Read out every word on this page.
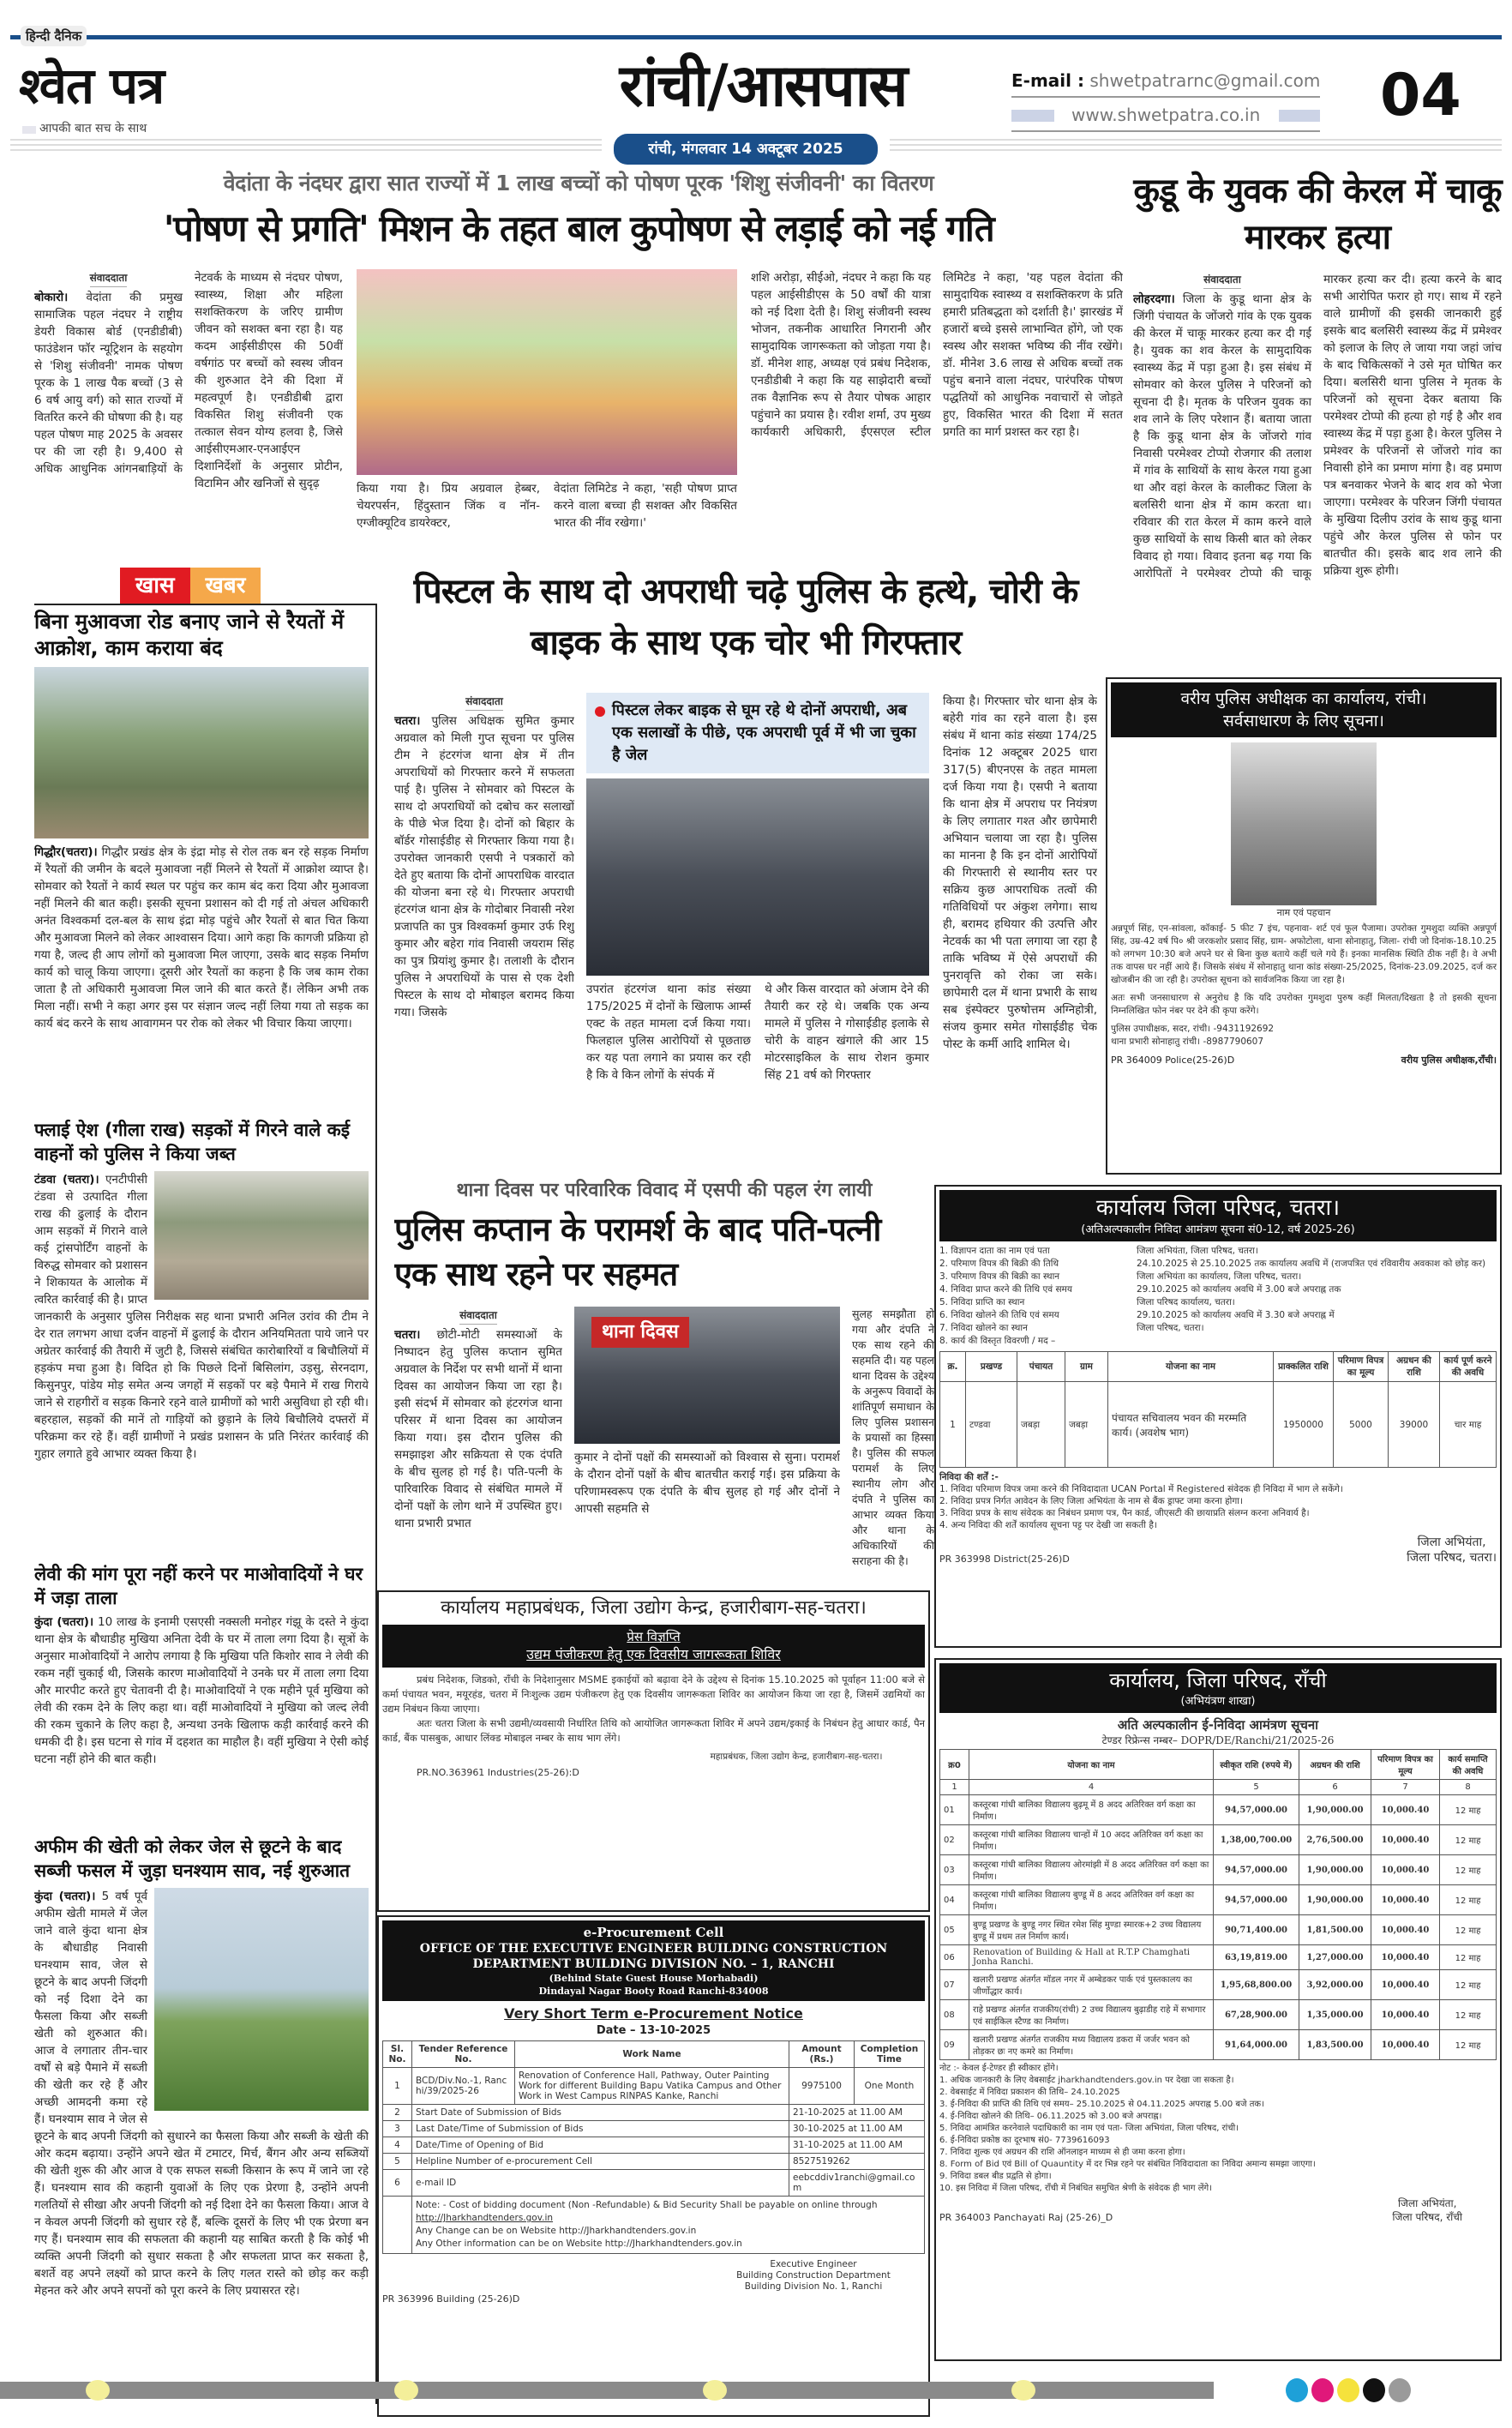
हिन्दी दैनिक
श्वेत पत्र
आपकी बात सच के साथ
रांची/आसपास
रांची, मंगलवार 14 अक्टूबर 2025
E-mail : shwetpatrarnc@gmail.com
www.shwetpatra.co.in 04
वेदांता के नंदघर द्वारा सात राज्यों में 1 लाख बच्चों को पोषण पूरक 'शिशु संजीवनी' का वितरण
'पोषण से प्रगति' मिशन के तहत बाल कुपोषण से लड़ाई को नई गति
संवाददाता
बोकारो। वेदांता की प्रमुख सामाजिक पहल नंदघर ने राष्ट्रीय डेयरी विकास बोर्ड (एनडीडीबी) फाउंडेशन फॉर न्यूट्रिशन के सहयोग से 'शिशु संजीवनी' नामक पोषण पूरक के 1 लाख पैक बच्चों (3 से 6 वर्ष आयु वर्ग) को सात राज्यों में वितरित करने की घोषणा की है। यह पहल पोषण माह 2025 के अवसर पर की जा रही है। 9,400 से अधिक आधुनिक आंगनबाड़ियों के नेटवर्क के माध्यम से नंदघर पोषण, स्वास्थ्य, शिक्षा और महिला सशक्तिकरण के जरिए ग्रामीण जीवन को सशक्त बना रहा है। यह कदम आईसीडीएस की 50वीं वर्षगांठ पर बच्चों को स्वस्थ जीवन की शुरुआत देने की दिशा में महत्वपूर्ण है। एनडीडीबी द्वारा विकसित शिशु संजीवनी एक तत्काल सेवन योग्य हलवा है, जिसे आईसीएमआर-एनआईएन दिशानिर्देशों के अनुसार प्रोटीन, विटामिन और खनिजों से सुदृढ़	किया गया है। प्रिय अग्रवाल हेब्बर, चेयरपर्सन, हिंदुस्तान जिंक व नॉन-एग्जीक्यूटिव डायरेक्टर,
वेदांता लिमिटेड ने कहा, 'सही पोषण प्राप्त करने वाला बच्चा ही सशक्त और विकसित भारत की नींव रखेगा।'
शशि अरोड़ा, सीईओ, नंदघर ने कहा कि यह पहल आईसीडीएस के 50 वर्षों की यात्रा को नई दिशा देती है। शिशु संजीवनी स्वस्थ भोजन, तकनीक आधारित निगरानी और सामुदायिक जागरूकता को जोड़ता गया है। डॉ. मीनेश शाह, अध्यक्ष एवं प्रबंध निदेशक, एनडीडीबी ने कहा कि यह साझेदारी बच्चों तक वैज्ञानिक रूप से तैयार पोषक आहार पहुंचाने का प्रयास है। रवीश शर्मा, उप मुख्य कार्यकारी अधिकारी, ईएसएल स्टील लिमिटेड ने कहा, 'यह पहल वेदांता की सामुदायिक स्वास्थ्य व सशक्तिकरण के प्रति हमारी प्रतिबद्धता को दर्शाती है।' झारखंड में हजारों बच्चे इससे लाभान्वित होंगे, जो एक स्वस्थ और सशक्त भविष्य की नींव रखेंगे। डॉ. मीनेश 3.6 लाख से अधिक बच्चों तक पहुंच बनाने वाला नंदघर, पारंपरिक पोषण पद्धतियों को आधुनिक नवाचारों से जोड़ते हुए, विकसित भारत की दिशा में सतत प्रगति का मार्ग प्रशस्त कर रहा है।
कुडू के युवक की केरल में चाकू मारकर हत्या
संवाददाता
लोहरदगा। जिला के कुडू थाना क्षेत्र के जिंगी पंचायत के जोंजरो गांव के एक युवक की केरल में चाकू मारकर हत्या कर दी गई है। युवक का शव केरल के सामुदायिक स्वास्थ्य केंद्र में पड़ा हुआ है। इस संबंध में सोमवार को केरल पुलिस ने परिजनों को सूचना दी है। मृतक के परिजन युवक का शव लाने के लिए परेशान हैं। बताया जाता है कि कुडू थाना क्षेत्र के जोंजरो गांव निवासी परमेश्वर टोप्पो रोजगार की तलाश में गांव के साथियों के साथ केरल गया हुआ था और वहां केरल के कालीकट जिला के बलसिरी थाना क्षेत्र में काम करता था। रविवार की रात केरल में काम करने वाले कुछ साथियों के साथ किसी बात को लेकर विवाद हो गया। विवाद इतना बढ़ गया कि आरोपितों ने परमेश्वर टोप्पो की चाकू मारकर हत्या कर दी। हत्या करने के बाद सभी आरोपित फरार हो गए। साथ में रहने वाले ग्रामीणों की इसकी जानकारी हुई इसके बाद बलसिरी स्वास्थ्य केंद्र में प्रमेश्वर को इलाज के लिए ले जाया गया जहां जांच के बाद चिकित्सकों ने उसे मृत घोषित कर दिया। बलसिरी थाना पुलिस ने मृतक के परिजनों को सूचना देकर बताया कि परमेश्वर टोप्पो की हत्या हो गई है और शव स्वास्थ्य केंद्र में पड़ा हुआ है। केरल पुलिस ने प्रमेश्वर के परिजनों से जोंजरो गांव का निवासी होने का प्रमाण मांगा है। वह प्रमाण पत्र बनवाकर भेजने के बाद शव को भेजा जाएगा। परमेश्वर के परिजन जिंगी पंचायत के मुखिया दिलीप उरांव के साथ कुडू थाना पहुंचे और केरल पुलिस से फोन पर बातचीत की। इसके बाद शव लाने की प्रक्रिया शुरू होगी।
खास	खबर
बिना मुआवजा रोड बनाए जाने से रैयतों में आक्रोश, काम कराया बंद
गिद्धौर(चतरा)। गिद्धौर प्रखंड क्षेत्र के इंद्रा मोड़ से रोल तक बन रहे सड़क निर्माण में रैयतों की जमीन के बदले मुआवजा नहीं मिलने से रैयतों में आक्रोश व्याप्त है। सोमवार को रैयतों ने कार्य स्थल पर पहुंच कर काम बंद करा दिया और मुआवजा नहीं मिलने की बात कही। इसकी सूचना प्रशासन को दी गई तो अंचल अधिकारी अनंत विश्वकर्मा दल-बल के साथ इंद्रा मोड़ पहुंचे और रैयतों से बात चित किया और मुआवजा मिलने को लेकर आश्वासन दिया। आगे कहा कि कागजी प्रक्रिया हो गया है, जल्द ही आप लोगों को मुआवजा मिल जाएगा, उसके बाद सड़क निर्माण कार्य को चालू किया जाएगा। दूसरी ओर रैयतों का कहना है कि जब काम रोका जाता है तो अधिकारी मुआवजा मिल जाने की बात करते हैं। लेकिन अभी तक मिला नहीं। सभी ने कहा अगर इस पर संज्ञान जल्द नहीं लिया गया तो सड़क का कार्य बंद करने के साथ आवागमन पर रोक को लेकर भी विचार किया जाएगा।
फ्लाई ऐश (गीला राख) सड़कों में गिरने वाले कई वाहनों को पुलिस ने किया जब्त
टंडवा (चतरा)। एनटीपीसी टंडवा से उत्पादित गीला राख की ढुलाई के दौरान आम सड़कों में गिराने वाले कई ट्रांसपोर्टिंग वाहनों के विरुद्ध सोमवार को प्रशासन ने शिकायत के आलोक में त्वरित कार्रवाई की है। प्राप्त जानकारी के अनुसार पुलिस निरीक्षक सह थाना प्रभारी अनिल उरांव की टीम ने देर रात लगभग आधा दर्जन वाहनों में ढुलाई के दौरान अनियमितता पाये जाने पर अग्रेतर कार्रवाई की तैयारी में जुटी है, जिससे संबंधित कारोबारियों व बिचौलियों में हड़कंप मचा हुआ है। विदित हो कि पिछले दिनों बिसिलांग, उड़सु, सेरनदाग, किसुनपुर, पांडेय मोड़ समेत अन्य जगहों में सड़कों पर बड़े पैमाने में राख गिराये जाने से राहगीरों व सड़क किनारे रहने वाले ग्रामीणों को भारी असुविधा हो रही थी। बहरहाल, सड़कों की मानें तो गाड़ियों को छुड़ाने के लिये बिचौलिये दफ्तरों में परिक्रमा कर रहे हैं। वहीं ग्रामीणों ने प्रखंड प्रशासन के प्रति निरंतर कार्रवाई की गुहार लगाते हुवे आभार व्यक्त किया है।
लेवी की मांग पूरा नहीं करने पर माओवादियों ने घर में जड़ा ताला
कुंदा (चतरा)। 10 लाख के इनामी एसएसी नक्सली मनोहर गंझू के दस्ते ने कुंदा थाना क्षेत्र के बौधाडीह मुखिया अनिता देवी के घर में ताला लगा दिया है। सूत्रों के अनुसार माओवादियों ने आरोप लगाया है कि मुखिया पति किशोर साव ने लेवी की रकम नहीं चुकाई थी, जिसके कारण माओवादियों ने उनके घर में ताला लगा दिया और मारपीट करते हुए चेतावनी दी है। माओवादियों ने एक महीने पूर्व मुखिया को लेवी की रकम देने के लिए कहा था। वहीं माओवादियों ने मुखिया को जल्द लेवी की रकम चुकाने के लिए कहा है, अन्यथा उनके खिलाफ कड़ी कार्रवाई करने की धमकी दी है। इस घटना से गांव में दहशत का माहौल है। वहीं मुखिया ने ऐसी कोई घटना नहीं होने की बात कही।
अफीम की खेती को लेकर जेल से छूटने के बाद सब्जी फसल में जुड़ा घनश्याम साव, नई शुरुआत
कुंदा (चतरा)। 5 वर्ष पूर्व अफीम खेती मामले में जेल जाने वाले कुंदा थाना क्षेत्र के बौधाडीह निवासी घनश्याम साव, जेल से छूटने के बाद अपनी जिंदगी को नई दिशा देने का फैसला किया और सब्जी खेती को शुरुआत की। आज वे लगातार तीन-चार वर्षों से बड़े पैमाने में सब्जी की खेती कर रहे हैं और अच्छी आमदनी कमा रहे हैं। घनश्याम साव ने जेल से छूटने के बाद अपनी जिंदगी को सुधारने का फैसला किया और सब्जी के खेती की ओर कदम बढ़ाया। उन्होंने अपने खेत में टमाटर, मिर्च, बैंगन और अन्य सब्जियों की खेती शुरू की और आज वे एक सफल सब्जी किसान के रूप में जाने जा रहे हैं। घनश्याम साव की कहानी युवाओं के लिए एक प्रेरणा है, उन्होंने अपनी गलतियों से सीखा और अपनी जिंदगी को नई दिशा देने का फैसला किया। आज वे न केवल अपनी जिंदगी को सुधार रहे हैं, बल्कि दूसरों के लिए भी एक प्रेरणा बन गए हैं। घनश्याम साव की सफलता की कहानी यह साबित करती है कि कोई भी व्यक्ति अपनी जिंदगी को सुधार सकता है और सफलता प्राप्त कर सकता है, बशर्ते वह अपने लक्ष्यों को प्राप्त करने के लिए गलत रास्ते को छोड़ कर कड़ी मेहनत करे और अपने सपनों को पूरा करने के लिए प्रयासरत रहे।
पिस्टल के साथ दो अपराधी चढ़े पुलिस के हत्थे, चोरी के बाइक के साथ एक चोर भी गिरफ्तार
संवाददाता
चतरा। पुलिस अधिक्षक सुमित कुमार अग्रवाल को मिली गुप्त सूचना पर पुलिस टीम ने हंटरगंज थाना क्षेत्र में तीन अपराधियों को गिरफ्तार करने में सफलता पाई है। पुलिस ने सोमवार को पिस्टल के साथ दो अपराधियों को दबोच कर सलाखों के पीछे भेज दिया है। दोनों को बिहार के बॉर्डर गोसाईडीह से गिरफ्तार किया गया है। उपरोक्त जानकारी एसपी ने पत्रकारों को देते हुए बताया कि दोनों आपराधिक वारदात की योजना बना रहे थे। गिरफ्तार अपराधी हंटरगंज थाना क्षेत्र के गोदोबार निवासी नरेश प्रजापति का पुत्र विश्वकर्मा कुमार उर्फ रिशु कुमार और बहेरा गांव निवासी जयराम सिंह का पुत्र प्रियांशु कुमार है। तलाशी के दौरान पुलिस ने अपराधियों के पास से एक देशी पिस्टल के साथ दो मोबाइल बरामद किया गया। जिसके
पिस्टल लेकर बाइक से घूम रहे थे दोनों अपराधी, अब एक सलाखों के पीछे, एक अपराधी पूर्व में भी जा चुका है जेल
उपरांत हंटरगंज थाना कांड संख्या 175/2025 में दोनों के खिलाफ आर्म्स एक्ट के तहत मामला दर्ज किया गया। फिलहाल पुलिस आरोपियों से पूछताछ कर यह पता लगाने का प्रयास कर रही है कि वे किन लोगों के संपर्क में
थे और किस वारदात को अंजाम देने की तैयारी कर रहे थे। जबकि एक अन्य मामले में पुलिस ने गोसाईडीह इलाके से चोरी के वाहन खंगाले की आर 15 मोटरसाइकिल के साथ रोशन कुमार सिंह 21 वर्ष को गिरफ्तार
किया है। गिरफ्तार चोर थाना क्षेत्र के बहेरी गांव का रहने वाला है। इस संबंध में थाना कांड संख्या 174/25 दिनांक 12 अक्टूबर 2025 धारा 317(5) बीएनएस के तहत मामला दर्ज किया गया है। एसपी ने बताया कि थाना क्षेत्र में अपराध पर नियंत्रण के लिए लगातार गश्त और छापेमारी अभियान चलाया जा रहा है। पुलिस का मानना है कि इन दोनों आरोपियों की गिरफ्तारी से स्थानीय स्तर पर सक्रिय कुछ आपराधिक तत्वों की गतिविधियों पर अंकुश लगेगा। साथ ही, बरामद हथियार की उत्पत्ति और नेटवर्क का भी पता लगाया जा रहा है ताकि भविष्य में ऐसे अपराधों की पुनरावृत्ति को रोका जा सके। छापेमारी दल में थाना प्रभारी के साथ सब इंस्पेक्टर पुरुषोत्तम अग्निहोत्री, संजय कुमार समेत गोसाईडीह चेक पोस्ट के कर्मी आदि शामिल थे।
वरीय पुलिस अधीक्षक का कार्यालय, रांची।
सर्वसाधारण के लिए सूचना।
नाम एवं पहचान
अन्नपूर्ण सिंह, एन-सांवला, कॉकाई- 5 फीट 7 इंच, पहनावा- शर्ट एवं फूल पैजामा। उपरोक्त गुमशुदा व्यक्ति अन्नपूर्ण सिंह, उम्र-42 वर्ष पि० श्री जरकशोर प्रसाद सिंह, ग्राम- अफोटोला, थाना सोनाहातु, जिला- रांची जो दिनांक-18.10.25 को लगभग 10:30 बजे अपने घर से बिना कुछ बताये कहीं चले गये हैं। इनका मानसिक स्थिति ठीक नहीं है। वे अभी तक वापस घर नहीं आये हैं। जिसके संबंध में सोनाहातु थाना कांड संख्या-25/2025, दिनांक-23.09.2025, दर्ज कर खोजबीन की जा रही है। उपरोक्त सूचना को सार्वजनिक किया जा रहा है।
अतः सभी जनसाधारण से अनुरोध है कि यदि उपरोक्त गुमशुदा पुरुष कहीं मिलता/दिखता है तो इसकी सूचना निम्नलिखित फोन नंबर पर देने की कृपा करेंगे।
पुलिस उपाधीक्षक, सदर, रांची। -9431192692
थाना प्रभारी सोनाहातु रांची। -8987790607
PR 364009 Police(25-26)D	वरीय पुलिस अधीक्षक,राँची।
थाना दिवस पर परिवारिक विवाद में एसपी की पहल रंग लायी
पुलिस कप्तान के परामर्श के बाद पति-पत्नी एक साथ रहने पर सहमत
संवाददाता
चतरा। छोटी-मोटी समस्याओं के निष्पादन हेतु पुलिस कप्तान सुमित अग्रवाल के निर्देश पर सभी थानों में थाना दिवस का आयोजन किया जा रहा है। इसी संदर्भ में सोमवार को हंटरगंज थाना परिसर में थाना दिवस का आयोजन किया गया। इस दौरान पुलिस की समझाइश और सक्रियता से एक दंपति के बीच सुलह हो गई है। पति-पत्नी के पारिवारिक विवाद से संबंधित मामले में दोनों पक्षों के लोग थाने में उपस्थित हुए। थाना प्रभारी प्रभात
थाना दिवस
कुमार ने दोनों पक्षों की समस्याओं को विश्वास से सुना। परामर्श के दौरान दोनों पक्षों के बीच बातचीत कराई गई। इस प्रक्रिया के परिणामस्वरूप एक दंपति के बीच सुलह हो गई और दोनों ने आपसी सहमति से
सुलह समझौता हो गया और दंपति ने एक साथ रहने की सहमति दी। यह पहल थाना दिवस के उद्देश्य के अनुरूप विवादों के शांतिपूर्ण समाधान के लिए पुलिस प्रशासन के प्रयासों का हिस्सा है। पुलिस की सफल परामर्श के लिए स्थानीय लोग और दंपति ने पुलिस का आभार व्यक्त किया और थाना के अधिकारियों की सराहना की है।
कार्यालय जिला परिषद, चतरा।
(अतिअल्पकालीन निविदा आमंत्रण सूचना सं0-12, वर्ष 2025-26)
1. विज्ञापन दाता का नाम एवं पता	जिला अभियंता, जिला परिषद, चतरा।
2. परिमाण विपत्र की बिक्री की तिथि	24.10.2025 से 25.10.2025 तक कार्यालय अवधि में (राजपत्रित एवं रविवारीय अवकाश को छोड़ कर)
3. परिमाण विपत्र की बिक्री का स्थान	जिला अभियंता का कार्यालय, जिला परिषद, चतरा।
4. निविदा प्राप्त करने की तिथि एवं समय	29.10.2025 को कार्यालय अवधि में 3.00 बजे अपराह्न तक
5. निविदा प्राप्ति का स्थान	जिला परिषद कार्यालय, चतरा।
6. निविदा खोलने की तिथि एवं समय	29.10.2025 को कार्यालय अवधि में 3.30 बजे अपराह्न में
7. निविदा खोलने का स्थान	जिला परिषद, चतरा।
8. कार्य की विस्तृत विवरणी / मद –
क्र.	प्रखण्ड	पंचायत	ग्राम	योजना का नाम	प्राक्कलित राशि	परिमाण विपत्र का मूल्य	अग्रधन की राशि	कार्य पूर्ण करने की अवधि
1	टण्डवा	जबड़ा	जबड़ा	पंचायत सचिवालय भवन की मरम्मति कार्य। (अवशेष भाग)	1950000	5000	39000	चार माह
निविदा की शर्तें :-
1. निविदा परिमाण विपत्र जमा करने की निविदादाता UCAN Portal में Registered संवेदक ही निविदा में भाग ले सकेंगे।
2. निविदा प्रपत्र निर्गत आवेदन के लिए जिला अभियंता के नाम से बैंक ड्राफ्ट जमा करना होगा।
3. निविदा प्रपत्र के साथ संवेदक का निबंधन प्रमाण पत्र, पैन कार्ड, जीएसटी की छायाप्रति संलग्न करना अनिवार्य है।
4. अन्य निविदा की शर्तें कार्यालय सूचना पट्ट पर देखी जा सकती है।
PR 363998 District(25-26)D
जिला अभियंता,
जिला परिषद, चतरा।
कार्यालय महाप्रबंधक, जिला उद्योग केन्द्र, हजारीबाग-सह-चतरा।
प्रेस विज्ञप्ति
उद्यम पंजीकरण हेतु एक दिवसीय जागरूकता शिविर
प्रबंध निदेशक, जिडको, राँची के निदेशानुसार MSME इकाईयों को बढ़ावा देने के उद्देश्य से दिनांक 15.10.2025 को पूर्वाहन 11:00 बजे से कर्मा पंचायत भवन, मयूरहंड, चतरा में निःशुल्क उद्यम पंजीकरण हेतु एक दिवसीय जागरूकता शिविर का आयोजन किया जा रहा है, जिसमें उद्यमियों का उद्यम निबंधन किया जाएगा।
अतः चतरा जिला के सभी उद्यमी/व्यवसायी निर्धारित तिथि को आयोजित जागरूकता शिविर में अपने उद्यम/इकाई के निबंधन हेतु आधार कार्ड, पैन कार्ड, बैंक पासबुक, आधार लिंक्ड मोबाइल नम्बर के साथ भाग लेंगे।
महाप्रबंधक, जिला उद्योग केन्द्र, हजारीबाग-सह-चतरा।
PR.NO.363961 Industries(25-26):D
e-Procurement Cell
OFFICE OF THE EXECUTIVE ENGINEER BUILDING CONSTRUCTION DEPARTMENT BUILDING DIVISION NO. – 1, RANCHI
(Behind State Guest House Morhabadi)
Dindayal Nagar Booty Road Ranchi-834008
Very Short Term e-Procurement Notice
Date – 13-10-2025
Sl. No.	Tender Reference No.	Work Name	Amount (Rs.)	Completion Time
1	BCD/Div.No.-1, Ranchi/39/2025-26	Renovation of Conference Hall, Pathway, Outer Painting Work for different Building Bapu Vatika Campus and Other Work in West Campus RINPAS Kanke, Ranchi	9975100	One Month
2	Start Date of Submission of Bids		21-10-2025 at 11.00 AM	
3	Last Date/Time of Submission of Bids		30-10-2025 at 11.00 AM	
4	Date/Time of Opening of Bid		31-10-2025 at 11.00 AM	
5	Helpline Number of e-procurement Cell		8527519262	
6	e-mail ID		eebcddiv1ranchi@gmail.com	

	Note: - Cost of bidding document (Non -Refundable) & Bid Security Shall be payable on online through
http://Jharkhandtenders.gov.in
Any Change can be on Website http://Jharkhandtenders.gov.in
Any Other information can be on Website http://Jharkhandtenders.gov.in			
Executive Engineer
Building Construction Department
Building Division No. 1, Ranchi
PR 363996 Building (25-26)D
कार्यालय, जिला परिषद, रॉंची
(अभियंत्रण शाखा)
अति अल्पकालीन ई-निविदा आमंत्रण सूचना
टेण्डर रिफ्रेन्स नम्बर– DOPR/DE/Ranchi/21/2025-26
क्र0	योजना का नाम	स्वीकृत राशि (रुपये में)	अग्रधन की राशि	परिमाण विपत्र का मूल्य	कार्य समाप्ति की अवधि
1	4	5	6	7	8
01	कस्तूरबा गांधी बालिका विद्यालय बुढ़मू में 8 अदद अतिरिक्त वर्ग कक्षा का निर्माण।	94,57,000.00	1,90,000.00	10,000.40	12 माह
02	कस्तूरबा गांधी बालिका विद्यालय चान्हों में 10 अदद अतिरिक्त वर्ग कक्षा का निर्माण।	1,38,00,700.00	2,76,500.00	10,000.40	12 माह
03	कस्तूरबा गांधी बालिका विद्यालय ओरमांझी में 8 अदद अतिरिक्त वर्ग कक्षा का निर्माण।	94,57,000.00	1,90,000.00	10,000.40	12 माह
04	कस्तूरबा गांधी बालिका विद्यालय बुण्डू में 8 अदद अतिरिक्त वर्ग कक्षा का निर्माण।	94,57,000.00	1,90,000.00	10,000.40	12 माह
05	बुण्डू प्रखण्ड के बुण्डू नगर स्थित रमेश सिंह मुण्डा स्मारक+2 उच्च विद्यालय बुण्डू में प्रथम तल निर्माण कार्य।	90,71,400.00	1,81,500.00	10,000.40	12 माह
06	Renovation of Building & Hall at R.T.P Chamghati Jonha Ranchi.	63,19,819.00	1,27,000.00	10,000.40	12 माह
07	खलारी प्रखण्ड अंतर्गत मॉडल नगर में अम्बेडकर पार्क एवं पुस्तकालय का जीर्णोद्धार कार्य।	1,95,68,800.00	3,92,000.00	10,000.40	12 माह
08	राहे प्रखण्ड अंतर्गत राजकीय(रांची) 2 उच्च विद्यालय बुढ़ाडीह राहे में सभागार एवं साईकिल स्टैण्ड का निर्माण।	67,28,900.00	1,35,000.00	10,000.40	12 माह
09	खलारी प्रखण्ड अंतर्गत राजकीय मध्य विद्यालय डकरा में जर्जर भवन को तोड़कर छः नए कमरे का निर्माण।	91,64,000.00	1,83,500.00	10,000.40	12 माह
नोट :- केवल ई-टेण्डर ही स्वीकार होंगे।
1. अधिक जानकारी के लिए वेबसाईट jharkhandtenders.gov.in पर देखा जा सकता है।
2. वेबसाईट में निविदा प्रकाशन की तिथि– 24.10.2025
3. ई-निविदा की प्राप्ति की तिथि एवं समय– 25.10.2025 से 04.11.2025 अपराह्न 5.00 बजे तक।
4. ई-निविदा खोलने की तिथि– 06.11.2025 को 3.00 बजे अपराह्न।
5. निविदा आमंत्रित करनेवाले पदाधिकारी का नाम एवं पता- जिला अभियंता, जिला परिषद, रांची।
6. ई-निविदा प्रकोष्ठ का दूरभाष सं0- 7739616093
7. निविदा शुल्क एवं अग्रधन की राशि ऑनलाइन माध्यम से ही जमा करना होगा।
8. Form of Bid एवं Bill of Quauntity में दर भिन्न रहने पर संबंधित निविदादाता का निविदा अमान्य समझा जाएगा।
9. निविदा डबल बीड प्रद्वति से होगा।
10. इस निविदा में जिला परिषद, राँची में निबंधित समुचित श्रेणी के संवेदक ही भाग लेंगे।
PR 364003 Panchayati Raj (25-26)_D
जिला अभियंता,
जिला परिषद, राँची
